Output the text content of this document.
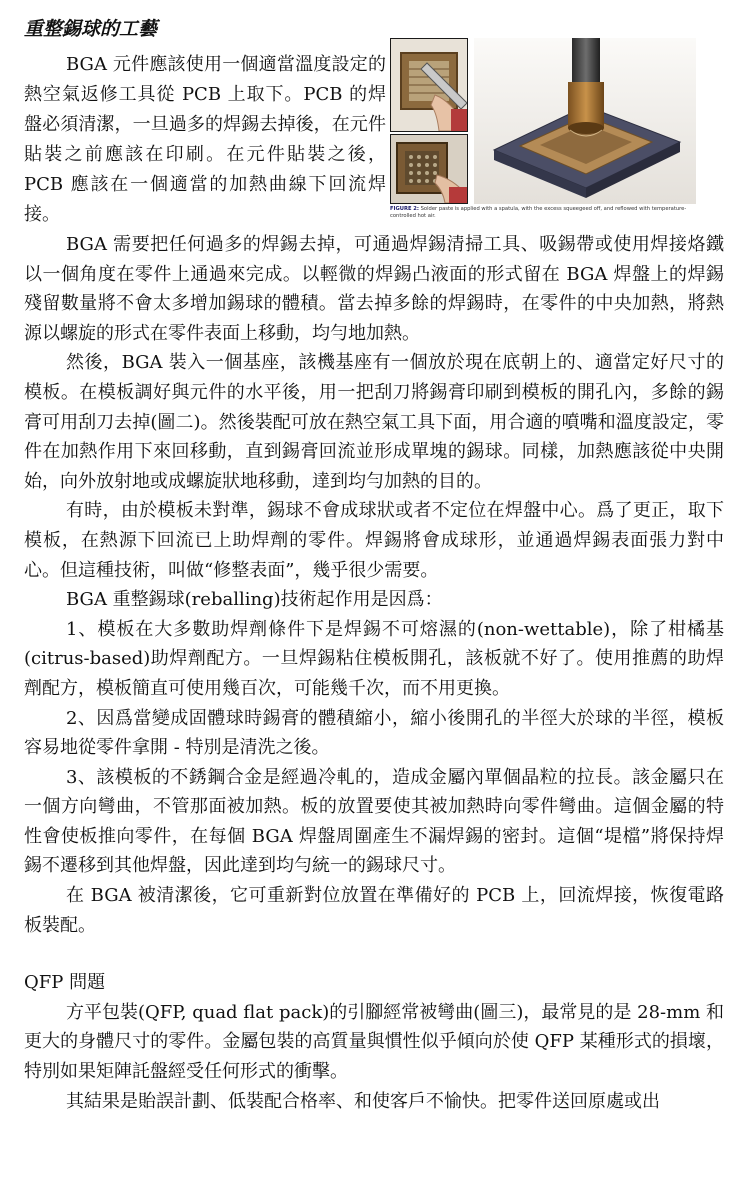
重整錫球的工藝

BGA 元件應該使用一個適當溫度設定的熱空氣返修工具從 PCB 上取下。PCB 的焊盤必須清潔，一旦過多的焊錫去掉後，在元件貼裝之前應該在印刷。在元件貼裝之後，PCB 應該在一個適當的加熱曲線下回流焊接。	FIGURE 2: Solder paste is applied with a spatula, with the excess squeegeed off, and reflowed with temperature-controlled hot air.

BGA 需要把任何過多的焊錫去掉，可通過焊錫清掃工具、吸錫帶或使用焊接烙鐵以一個角度在零件上通過來完成。以輕微的焊錫凸液面的形式留在 BGA 焊盤上的焊錫殘留數量將不會太多增加錫球的體積。當去掉多餘的焊錫時，在零件的中央加熱，將熱源以螺旋的形式在零件表面上移動，均勻地加熱。

然後，BGA 裝入一個基座，該機基座有一個放於現在底朝上的、適當定好尺寸的模板。在模板調好與元件的水平後，用一把刮刀將錫膏印刷到模板的開孔內，多餘的錫膏可用刮刀去掉(圖二)。然後裝配可放在熱空氣工具下面，用合適的噴嘴和溫度設定，零件在加熱作用下來回移動，直到錫膏回流並形成單塊的錫球。同樣，加熱應該從中央開始，向外放射地或成螺旋狀地移動，達到均勻加熱的目的。

有時，由於模板未對準，錫球不會成球狀或者不定位在焊盤中心。爲了更正，取下模板，在熱源下回流已上助焊劑的零件。焊錫將會成球形，並通過焊錫表面張力對中心。但這種技術，叫做“修整表面”，幾乎很少需要。

BGA 重整錫球(reballing)技術起作用是因爲：

1、模板在大多數助焊劑條件下是焊錫不可熔濕的(non-wettable)，除了柑橘基(citrus-based)助焊劑配方。一旦焊錫粘住模板開孔，該板就不好了。使用推薦的助焊劑配方，模板簡直可使用幾百次，可能幾千次，而不用更換。

2、因爲當變成固體球時錫膏的體積縮小，縮小後開孔的半徑大於球的半徑，模板容易地從零件拿開 - 特別是清洗之後。

3、該模板的不銹鋼合金是經過冷軋的，造成金屬內單個晶粒的拉長。該金屬只在一個方向彎曲，不管那面被加熱。板的放置要使其被加熱時向零件彎曲。這個金屬的特性會使板推向零件，在每個 BGA 焊盤周圍產生不漏焊錫的密封。這個“堤檔”將保持焊錫不遷移到其他焊盤，因此達到均勻統一的錫球尺寸。

在 BGA 被清潔後，它可重新對位放置在準備好的 PCB 上，回流焊接，恢復電路板裝配。

QFP 問題

方平包裝(QFP, quad flat pack)的引腳經常被彎曲(圖三)，最常見的是 28-mm 和更大的身體尺寸的零件。金屬包裝的高質量與慣性似乎傾向於使 QFP 某種形式的損壞，特別如果矩陣託盤經受任何形式的衝擊。

其結果是貽誤計劃、低裝配合格率、和使客戶不愉快。把零件送回原處或出
